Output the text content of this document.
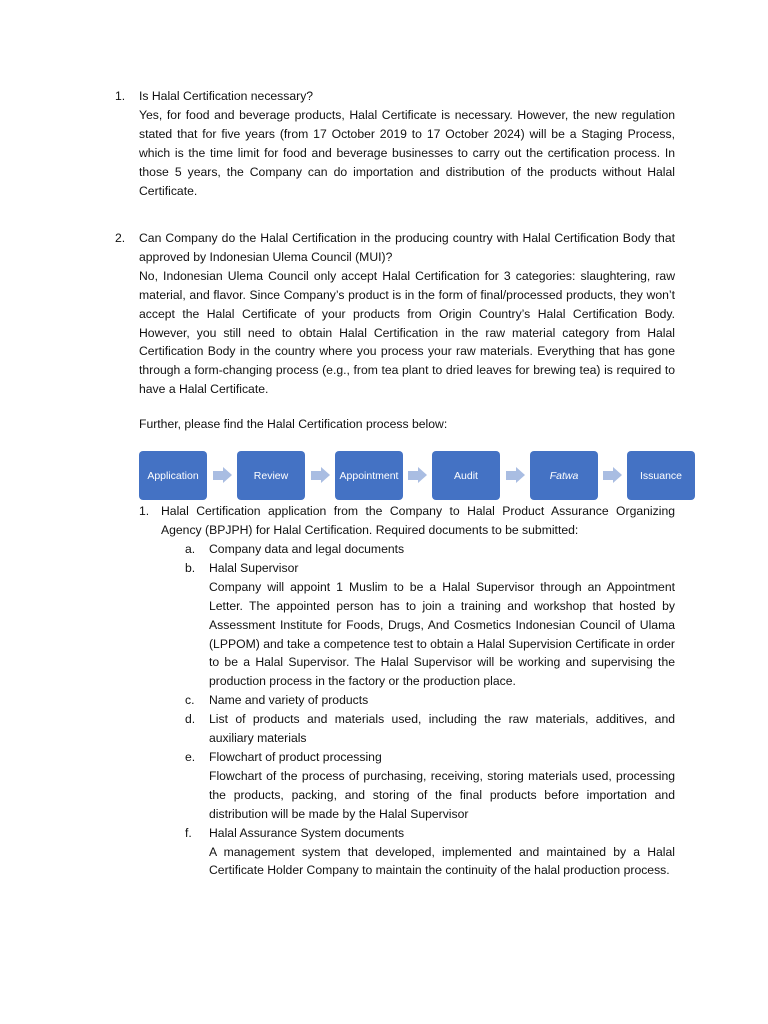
1. Is Halal Certification necessary?

Yes, for food and beverage products, Halal Certificate is necessary. However, the new regulation stated that for five years (from 17 October 2019 to 17 October 2024) will be a Staging Process, which is the time limit for food and beverage businesses to carry out the certification process. In those 5 years, the Company can do importation and distribution of the products without Halal Certificate.

2. Can Company do the Halal Certification in the producing country with Halal Certification Body that approved by Indonesian Ulema Council (MUI)?

No, Indonesian Ulema Council only accept Halal Certification for 3 categories: slaughtering, raw material, and flavor. Since Company’s product is in the form of final/processed products, they won’t accept the Halal Certificate of your products from Origin Country’s Halal Certification Body. However, you still need to obtain Halal Certification in the raw material category from Halal Certification Body in the country where you process your raw materials. Everything that has gone through a form-changing process (e.g., from tea plant to dried leaves for brewing tea) is required to have a Halal Certificate.

Further, please find the Halal Certification process below:
Application	Review	Appointment	Audit	Fatwa	Issuance
1. Halal Certification application from the Company to Halal Product Assurance Organizing Agency (BPJPH) for Halal Certification. Required documents to be submitted:
a. Company data and legal documents
b. Halal Supervisor
Company will appoint 1 Muslim to be a Halal Supervisor through an Appointment Letter. The appointed person has to join a training and workshop that hosted by Assessment Institute for Foods, Drugs, And Cosmetics Indonesian Council of Ulama (LPPOM) and take a competence test to obtain a Halal Supervision Certificate in order to be a Halal Supervisor. The Halal Supervisor will be working and supervising the production process in the factory or the production place.
c. Name and variety of products
d. List of products and materials used, including the raw materials, additives, and auxiliary materials
e. Flowchart of product processing
Flowchart of the process of purchasing, receiving, storing materials used, processing the products, packing, and storing of the final products before importation and distribution will be made by the Halal Supervisor
f. Halal Assurance System documents
A management system that developed, implemented and maintained by a Halal Certificate Holder Company to maintain the continuity of the halal production process.
